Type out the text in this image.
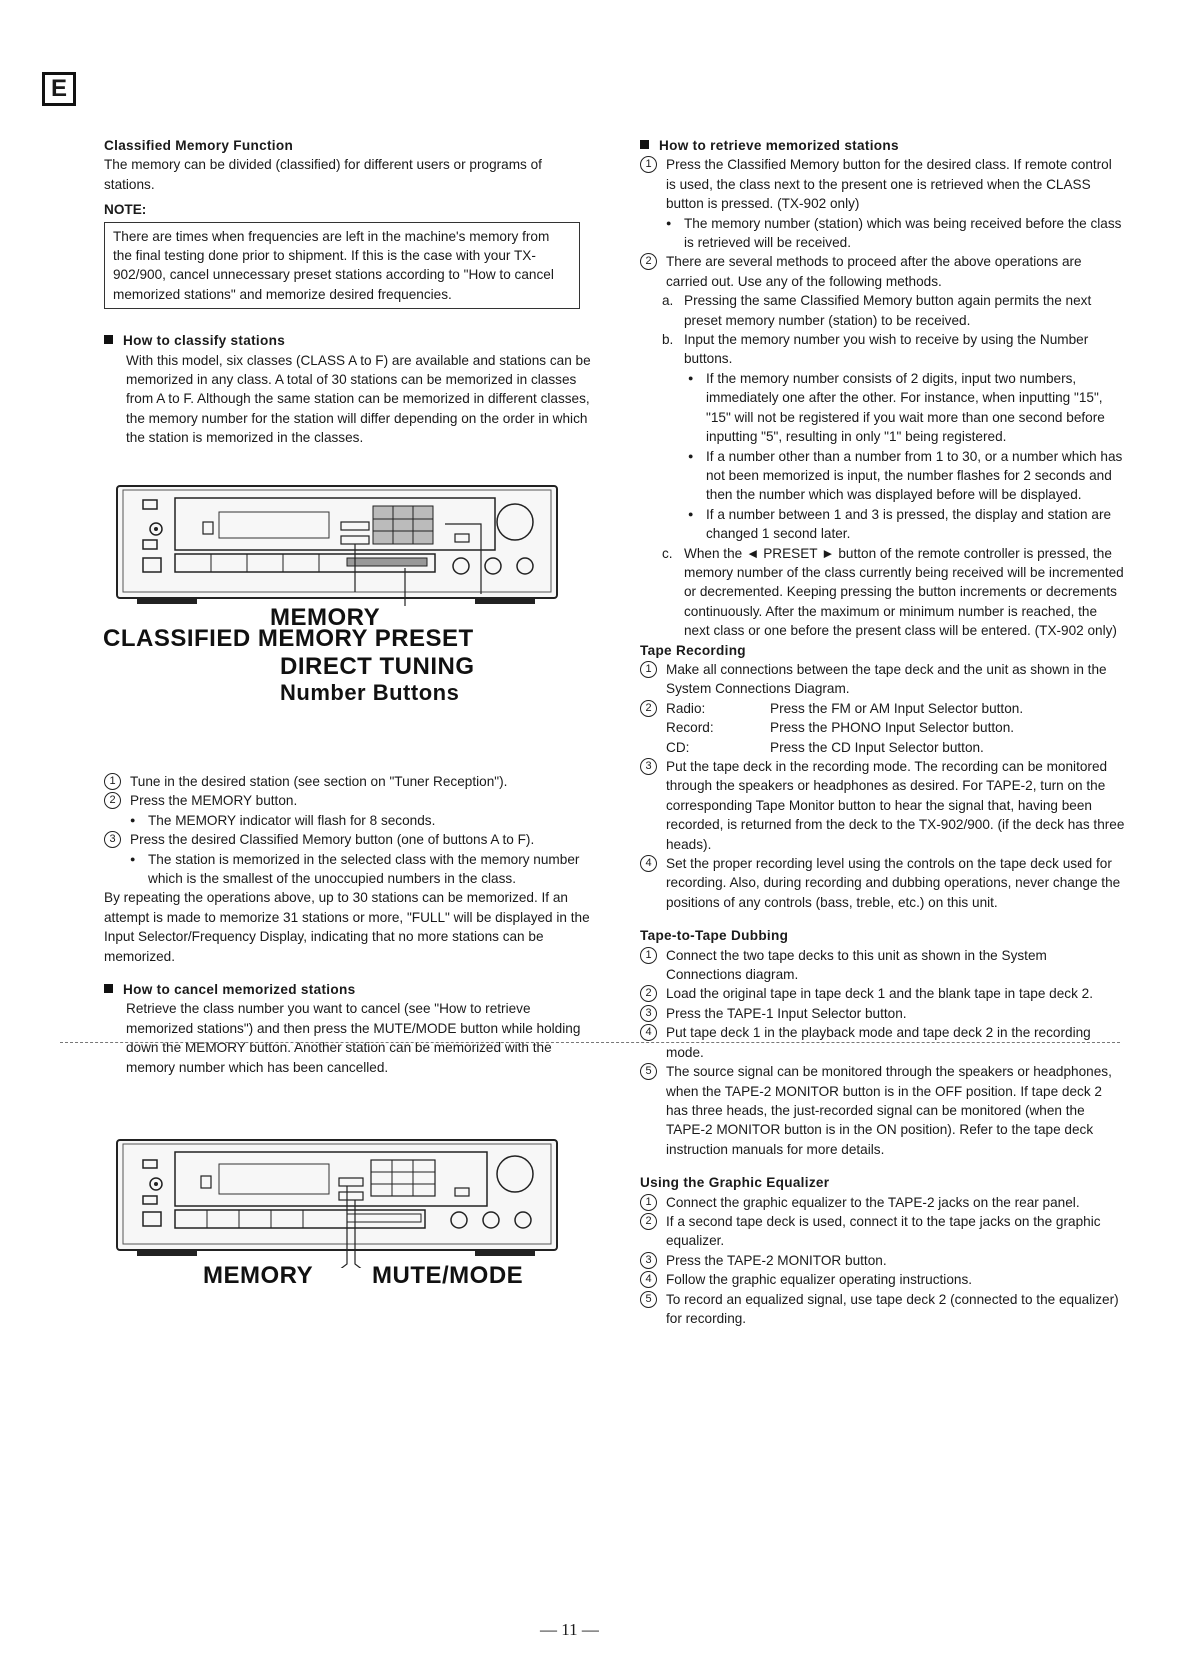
E
Classified Memory Function
The memory can be divided (classified) for different users or programs of stations.
NOTE:
There are times when frequencies are left in the machine's memory from the final testing done prior to shipment. If this is the case with your TX-902/900, cancel unnecessary preset stations according to "How to cancel memorized stations" and memorize desired frequencies.
How to classify stations
With this model, six classes (CLASS A to F) are available and stations can be memorized in any class. A total of 30 stations can be memorized in classes from A to F. Although the same station can be memorized in different classes, the memory number for the station will differ depending on the order in which the station is memorized in the classes.
MEMORY
CLASSIFIED MEMORY PRESET
DIRECT TUNING
Number Buttons
1	Tune in the desired station (see section on "Tuner Reception").
2	Press the MEMORY button.
● The MEMORY indicator will flash for 8 seconds.
3	Press the desired Classified Memory button (one of buttons A to F).
● The station is memorized in the selected class with the memory number which is the smallest of the unoccupied numbers in the class.
By repeating the operations above, up to 30 stations can be memorized. If an attempt is made to memorize 31 stations or more, "FULL" will be displayed in the Input Selector/Frequency Display, indicating that no more stations can be memorized.
How to cancel memorized stations
Retrieve the class number you want to cancel (see "How to retrieve memorized stations") and then press the MUTE/MODE button while holding down the MEMORY button. Another station can be memorized with the memory number which has been cancelled.
MEMORY MUTE/MODE
How to retrieve memorized stations
1	Press the Classified Memory button for the desired class. If remote control is used, the class next to the present one is retrieved when the CLASS button is pressed. (TX-902 only)
● The memory number (station) which was being received before the class is retrieved will be received.
2	There are several methods to proceed after the above operations are carried out. Use any of the following methods.
a. Pressing the same Classified Memory button again permits the next preset memory number (station) to be received.
b. Input the memory number you wish to receive by using the Number buttons.
● If the memory number consists of 2 digits, input two numbers, immediately one after the other. For instance, when inputting "15", "15" will not be registered if you wait more than one second before inputting "5", resulting in only "1" being registered.
● If a number other than a number from 1 to 30, or a number which has not been memorized is input, the number flashes for 2 seconds and then the number which was displayed before will be displayed.
● If a number between 1 and 3 is pressed, the display and station are changed 1 second later.
c. When the ◄ PRESET ► button of the remote controller is pressed, the memory number of the class currently being received will be incremented or decremented. Keeping pressing the button increments or decrements continuously. After the maximum or minimum number is reached, the next class or one before the present class will be entered. (TX-902 only)
Tape Recording
1	Make all connections between the tape deck and the unit as shown in the System Connections Diagram.
2	Radio:	Press the FM or AM Input Selector button.
Record:	Press the PHONO Input Selector button.
CD:	Press the CD Input Selector button.
3	Put the tape deck in the recording mode. The recording can be monitored through the speakers or headphones as desired. For TAPE-2, turn on the corresponding Tape Monitor button to hear the signal that, having been recorded, is returned from the deck to the TX-902/900. (if the deck has three heads).
4	Set the proper recording level using the controls on the tape deck used for recording. Also, during recording and dubbing operations, never change the positions of any controls (bass, treble, etc.) on this unit.
Tape-to-Tape Dubbing
1	Connect the two tape decks to this unit as shown in the System Connections diagram.
2	Load the original tape in tape deck 1 and the blank tape in tape deck 2.
3	Press the TAPE-1 Input Selector button.
4	Put tape deck 1 in the playback mode and tape deck 2 in the recording mode.
5	The source signal can be monitored through the speakers or headphones, when the TAPE-2 MONITOR button is in the OFF position. If tape deck 2 has three heads, the just-recorded signal can be monitored (when the TAPE-2 MONITOR button is in the ON position). Refer to the tape deck instruction manuals for more details.
Using the Graphic Equalizer
1	Connect the graphic equalizer to the TAPE-2 jacks on the rear panel.
2	If a second tape deck is used, connect it to the tape jacks on the graphic equalizer.
3	Press the TAPE-2 MONITOR button.
4	Follow the graphic equalizer operating instructions.
5	To record an equalized signal, use tape deck 2 (connected to the equalizer) for recording.
— 11 —
